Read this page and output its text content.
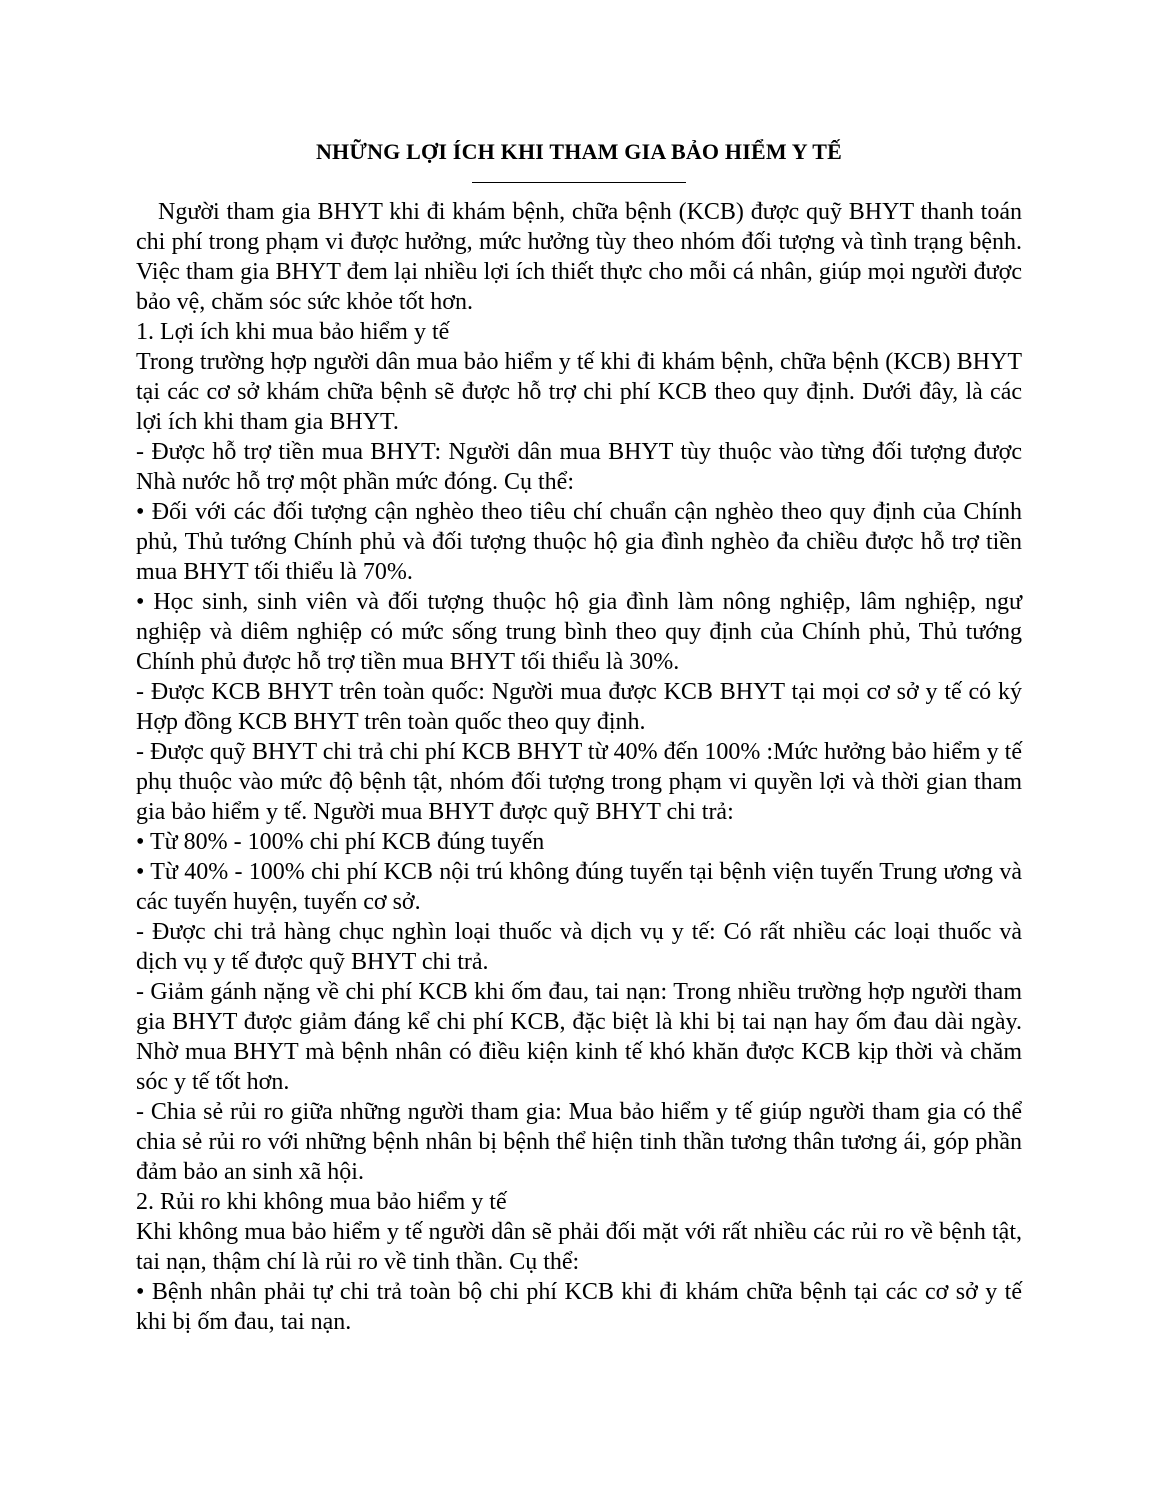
NHỮNG LỢI ÍCH KHI THAM GIA BẢO HIỂM Y TẾ

Người tham gia BHYT khi đi khám bệnh, chữa bệnh (KCB) được quỹ BHYT thanh toán chi phí trong phạm vi được hưởng, mức hưởng tùy theo nhóm đối tượng và tình trạng bệnh. Việc tham gia BHYT đem lại nhiều lợi ích thiết thực cho mỗi cá nhân, giúp mọi người được bảo vệ, chăm sóc sức khỏe tốt hơn.

1. Lợi ích khi mua bảo hiểm y tế

Trong trường hợp người dân mua bảo hiểm y tế khi đi khám bệnh, chữa bệnh (KCB) BHYT tại các cơ sở khám chữa bệnh sẽ được hỗ trợ chi phí KCB theo quy định. Dưới đây, là các lợi ích khi tham gia BHYT.

- Được hỗ trợ tiền mua BHYT: Người dân mua BHYT tùy thuộc vào từng đối tượng được Nhà nước hỗ trợ một phần mức đóng. Cụ thể:

• Đối với các đối tượng cận nghèo theo tiêu chí chuẩn cận nghèo theo quy định của Chính phủ, Thủ tướng Chính phủ và đối tượng thuộc hộ gia đình nghèo đa chiều được hỗ trợ tiền mua BHYT tối thiểu là 70%.

• Học sinh, sinh viên và đối tượng thuộc hộ gia đình làm nông nghiệp, lâm nghiệp, ngư nghiệp và diêm nghiệp có mức sống trung bình theo quy định của Chính phủ, Thủ tướng Chính phủ được hỗ trợ tiền mua BHYT tối thiểu là 30%.

- Được KCB BHYT trên toàn quốc: Người mua được KCB BHYT tại mọi cơ sở y tế có ký Hợp đồng KCB BHYT trên toàn quốc theo quy định.

- Được quỹ BHYT chi trả chi phí KCB BHYT từ 40% đến 100% :Mức hưởng bảo hiểm y tế phụ thuộc vào mức độ bệnh tật, nhóm đối tượng trong phạm vi quyền lợi và thời gian tham gia bảo hiểm y tế. Người mua BHYT được quỹ BHYT chi trả:

• Từ 80% - 100% chi phí KCB đúng tuyến

• Từ 40% - 100% chi phí KCB nội trú không đúng tuyến tại bệnh viện tuyến Trung ương và các tuyến huyện, tuyến cơ sở.

- Được chi trả hàng chục nghìn loại thuốc và dịch vụ y tế: Có rất nhiều các loại thuốc và dịch vụ y tế được quỹ BHYT chi trả.

- Giảm gánh nặng về chi phí KCB khi ốm đau, tai nạn: Trong nhiều trường hợp người tham gia BHYT được giảm đáng kể chi phí KCB, đặc biệt là khi bị tai nạn hay ốm đau dài ngày. Nhờ mua BHYT mà bệnh nhân có điều kiện kinh tế khó khăn được KCB kịp thời và chăm sóc y tế tốt hơn.

- Chia sẻ rủi ro giữa những người tham gia: Mua bảo hiểm y tế giúp người tham gia có thể chia sẻ rủi ro với những bệnh nhân bị bệnh thể hiện tinh thần tương thân tương ái, góp phần đảm bảo an sinh xã hội.

2. Rủi ro khi không mua bảo hiểm y tế

Khi không mua bảo hiểm y tế người dân sẽ phải đối mặt với rất nhiều các rủi ro về bệnh tật, tai nạn, thậm chí là rủi ro về tinh thần. Cụ thể:

• Bệnh nhân phải tự chi trả toàn bộ chi phí KCB khi đi khám chữa bệnh tại các cơ sở y tế khi bị ốm đau, tai nạn.
